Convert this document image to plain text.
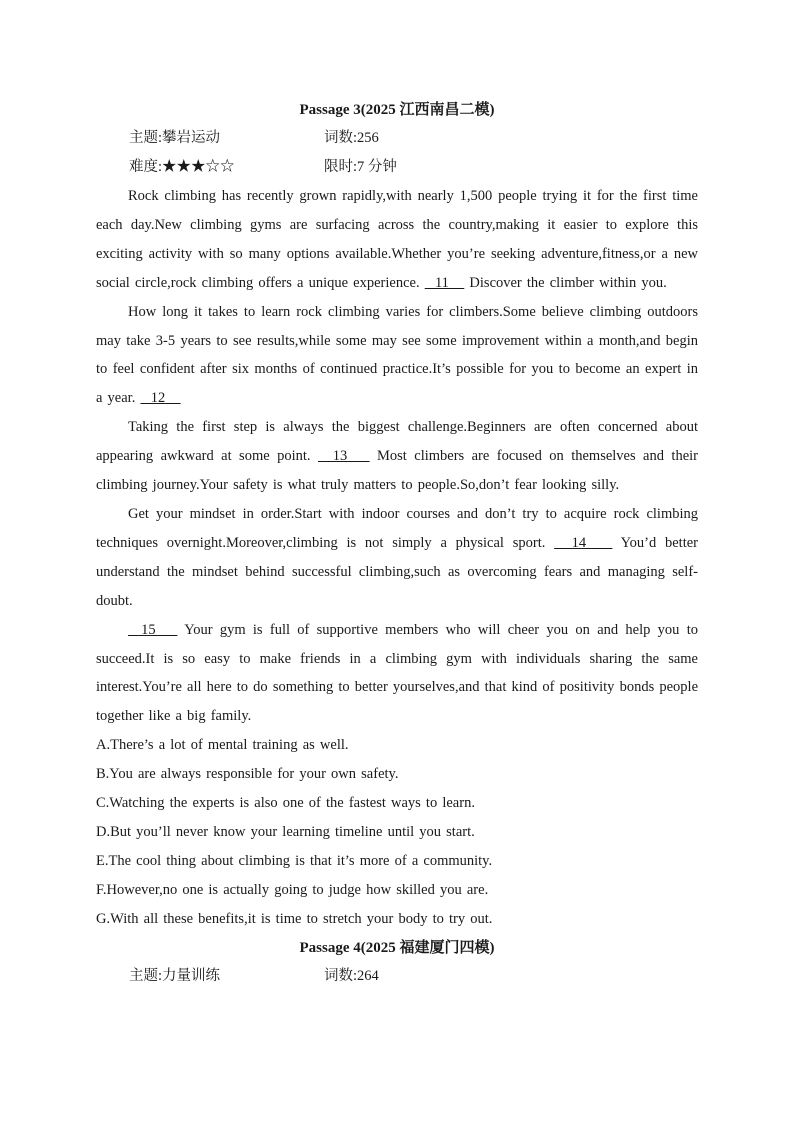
Passage 3(2025 江西南昌二模)
主题:攀岩运动	词数:256
难度:★★★☆☆	限时:7 分钟

Rock climbing has recently grown rapidly,with nearly 1,500 people trying it for the first time each day.New climbing gyms are surfacing across the country,making it easier to explore this exciting activity with so many options available.Whether you’re seeking adventure,fitness,or a new social circle,rock climbing offers a unique experience.   11    Discover the climber within you.

How long it takes to learn rock climbing varies for climbers.Some believe climbing outdoors may take 3-5 years to see results,while some may see some improvement within a month,and begin to feel confident after six months of continued practice.It’s possible for you to become an expert in a year.   12

Taking the first step is always the biggest challenge.Beginners are often concerned about appearing awkward at some point.   13    Most climbers are focused on themselves and their climbing journey.Your safety is what truly matters to people.So,don’t fear looking silly.

Get your mindset in order.Start with indoor courses and don’t try to acquire rock climbing techniques overnight.Moreover,climbing is not simply a physical sport.   14    You’d better understand the mindset behind successful climbing,such as overcoming fears and managing self-doubt.

15    Your gym is full of supportive members who will cheer you on and help you to succeed.It is so easy to make friends in a climbing gym with individuals sharing the same interest.You’re all here to do something to better yourselves,and that kind of positivity bonds people together like a big family.

A.There’s a lot of mental training as well.

B.You are always responsible for your own safety.

C.Watching the experts is also one of the fastest ways to learn.

D.But you’ll never know your learning timeline until you start.

E.The cool thing about climbing is that it’s more of a community.

F.However,no one is actually going to judge how skilled you are.

G.With all these benefits,it is time to stretch your body to try out.

Passage 4(2025 福建厦门四模)
主题:力量训练	词数:264
